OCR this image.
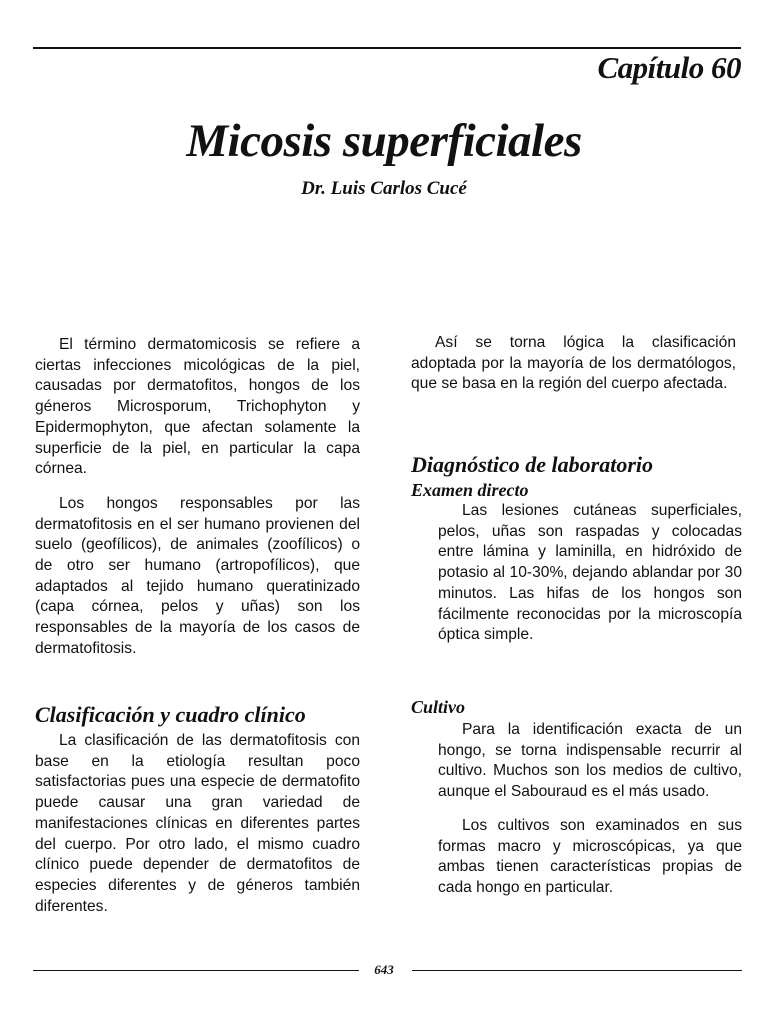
Capítulo 60
Micosis superficiales
Dr. Luis Carlos Cucé

El término dermatomicosis se refiere a ciertas infecciones micológicas de la piel, causadas por dermatofitos, hongos de los géneros Microsporum, Trichophyton y Epidermophyton, que afectan solamente la superficie de la piel, en particular la capa córnea.

Los hongos responsables por las dermatofitosis en el ser humano provienen del suelo (geofílicos), de animales (zoofílicos) o de otro ser humano (artropofílicos), que adaptados al tejido humano queratinizado (capa córnea, pelos y uñas) son los responsables de la mayoría de los casos de dermatofitosis.

Clasificación y cuadro clínico

La clasificación de las dermatofitosis con base en la etiología resultan poco satisfactorias pues una especie de dermatofito puede causar una gran variedad de manifestaciones clínicas en diferentes partes del cuerpo. Por otro lado, el mismo cuadro clínico puede depender de dermatofitos de especies diferentes y de géneros también diferentes.

Así se torna lógica la clasificación adoptada por la mayoría de los dermatólogos, que se basa en la región del cuerpo afectada.

Diagnóstico de laboratorio
Examen directo

Las lesiones cutáneas superficiales, pelos, uñas son raspadas y colocadas entre lámina y laminilla, en hidróxido de potasio al 10-30%, dejando ablandar por 30 minutos. Las hifas de los hongos son fácilmente reconocidas por la microscopía óptica simple.

Cultivo

Para la identificación exacta de un hongo, se torna indispensable recurrir al cultivo. Muchos son los medios de cultivo, aunque el Sabouraud es el más usado.

Los cultivos son examinados en sus formas macro y microscópicas, ya que ambas tienen características propias de cada hongo en particular.

643
